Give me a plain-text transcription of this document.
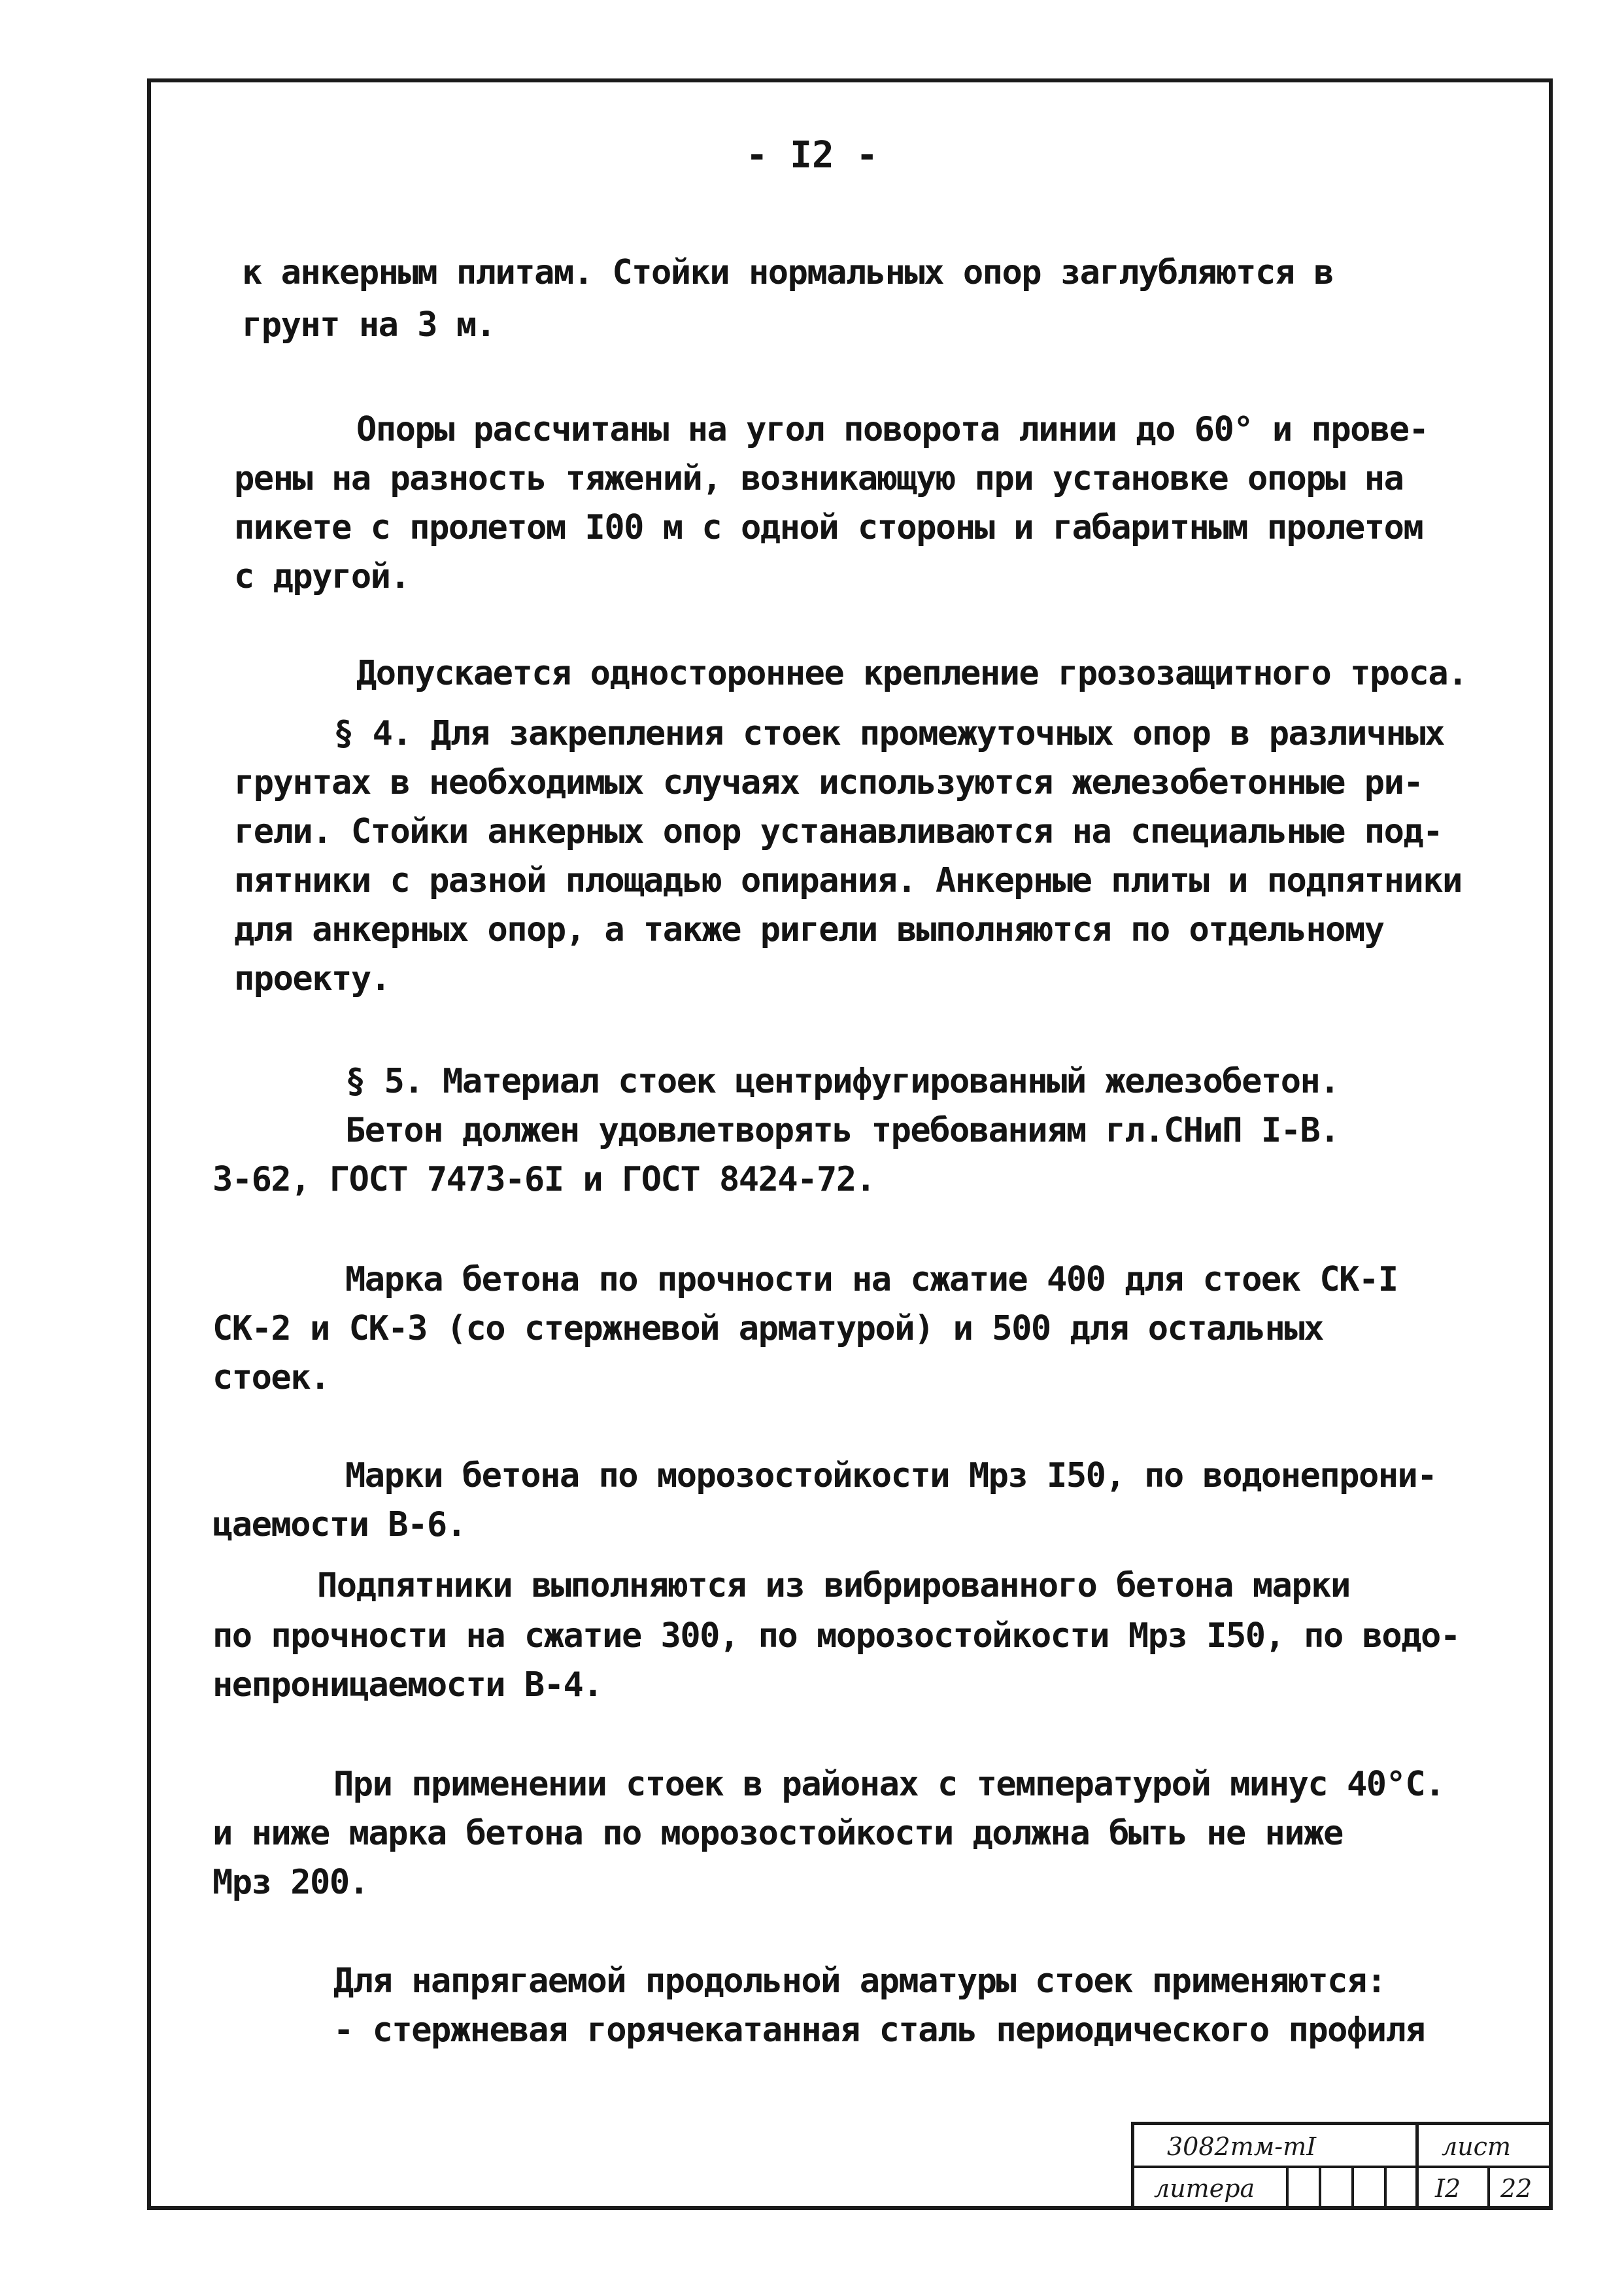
- I2 -
к анкерным плитам. Стойки нормальных опор заглубляются в
грунт на 3 м.
Опоры рассчитаны на угол поворота линии до 60° и прове-
рены на разность тяжений, возникающую при установке опоры на
пикете с пролетом I00 м с одной стороны и габаритным пролетом
с другой.
Допускается одностороннее крепление грозозащитного троса.
§ 4. Для закрепления стоек промежуточных опор в различных
грунтах в необходимых случаях используются железобетонные ри-
гели. Стойки анкерных опор устанавливаются на специальные под-
пятники с разной площадью опирания. Анкерные плиты и подпятники
для анкерных опор, а также ригели выполняются по отдельному
проекту.
§ 5. Материал стоек центрифугированный железобетон.
Бетон должен удовлетворять требованиям гл.СНиП I-В.
3-62, ГОСТ 7473-6I и ГОСТ 8424-72.
Марка бетона по прочности на сжатие 400 для стоек СК-I
СК-2 и СК-3 (со стержневой арматурой) и 500 для остальных
стоек.
Марки бетона по морозостойкости Мрз I50, по водонепрони-
цаемости В-6.
Подпятники выполняются из вибрированного бетона марки
по прочности на сжатие 300, по морозостойкости Мрз I50, по водо-
непроницаемости В-4.
При применении стоек в районах с температурой минус 40°С.
и ниже марка бетона по морозостойкости должна быть не ниже
Мрз 200.
Для напрягаемой продольной арматуры стоек применяются:
- стержневая горячекатанная сталь периодического профиля
3082тм-тI	лист
литера	I2 22
